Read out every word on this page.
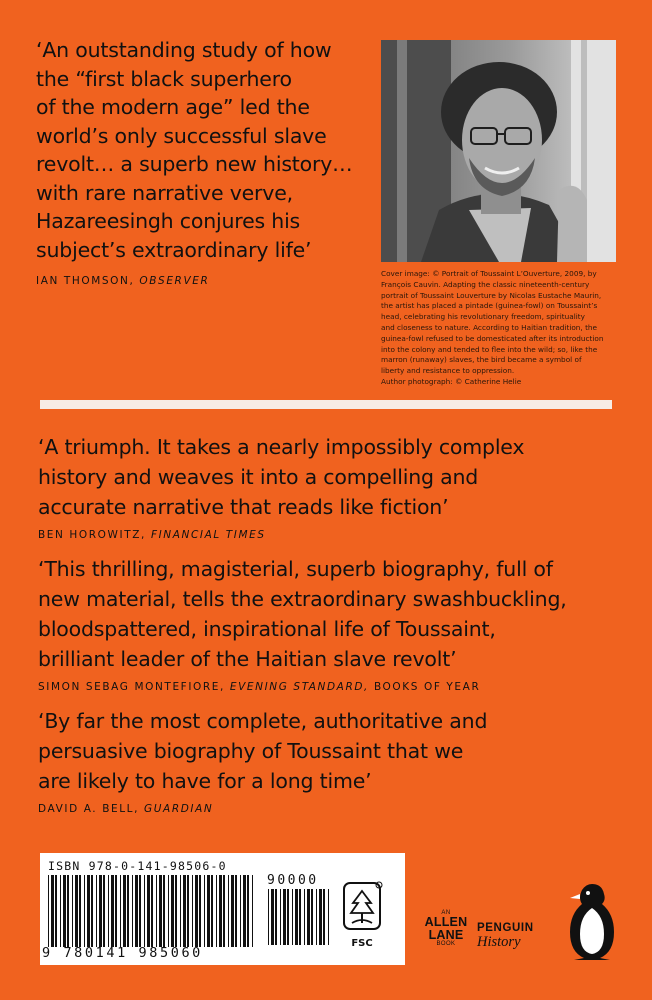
‘An outstanding study of how
the “first black superhero
of the modern age” led the
world’s only successful slave
revolt… a superb new history…
with rare narrative verve,
Hazareesingh conjures his
subject’s extraordinary life’
IAN THOMSON, OBSERVER
Cover image: © Portrait of Toussaint L’Ouverture, 2009, by
François Cauvin. Adapting the classic nineteenth-century
portrait of Toussaint Louverture by Nicolas Eustache Maurin,
the artist has placed a pintade (guinea-fowl) on Toussaint’s
head, celebrating his revolutionary freedom, spirituality
and closeness to nature. According to Haitian tradition, the
guinea-fowl refused to be domesticated after its introduction
into the colony and tended to flee into the wild; so, like the
marron (runaway) slaves, the bird became a symbol of
liberty and resistance to oppression.
Author photograph: © Catherine Helie
‘A triumph. It takes a nearly impossibly complex
history and weaves it into a compelling and
accurate narrative that reads like fiction’
BEN HOROWITZ, FINANCIAL TIMES
‘This thrilling, magisterial, superb biography, full of
new material, tells the extraordinary swashbuckling,
bloodspattered, inspirational life of Toussaint,
brilliant leader of the Haitian slave revolt’
SIMON SEBAG MONTEFIORE, EVENING STANDARD, BOOKS OF YEAR
‘By far the most complete, authoritative and
persuasive biography of Toussaint that we
are likely to have for a long time’
DAVID A. BELL, GUARDIAN
ISBN 978-0-141-98506-0
9 780141 985060
90000
FSC
AN
ALLEN
LANE
BOOK
PENGUIN
History
